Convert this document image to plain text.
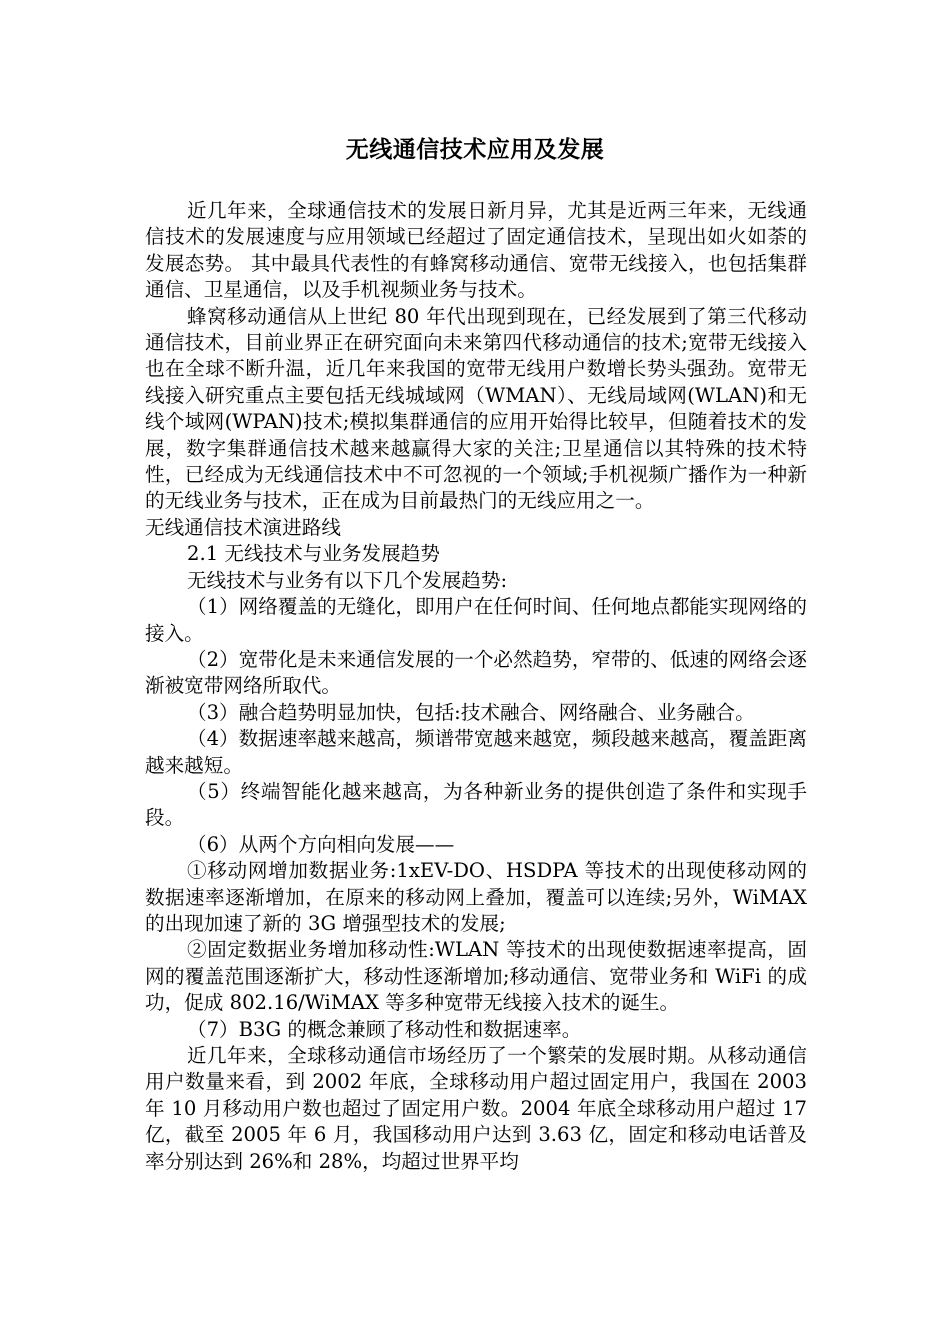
无线通信技术应用及发展

近几年来，全球通信技术的发展日新月异，尤其是近两三年来，无线通信技术的发展速度与应用领域已经超过了固定通信技术，呈现出如火如荼的发展态势。 其中最具代表性的有蜂窝移动通信、宽带无线接入，也包括集群通信、卫星通信，以及手机视频业务与技术。

蜂窝移动通信从上世纪 80 年代出现到现在，已经发展到了第三代移动通信技术，目前业界正在研究面向未来第四代移动通信的技术;宽带无线接入也在全球不断升温，近几年来我国的宽带无线用户数增长势头强劲。宽带无线接入研究重点主要包括无线城域网（WMAN）、无线局域网(WLAN)和无线个域网(WPAN)技术;模拟集群通信的应用开始得比较早，但随着技术的发展，数字集群通信技术越来越赢得大家的关注;卫星通信以其特殊的技术特性，已经成为无线通信技术中不可忽视的一个领域;手机视频广播作为一种新的无线业务与技术，正在成为目前最热门的无线应用之一。

无线通信技术演进路线

2.1 无线技术与业务发展趋势

无线技术与业务有以下几个发展趋势:

（1）网络覆盖的无缝化，即用户在任何时间、任何地点都能实现网络的接入。

（2）宽带化是未来通信发展的一个必然趋势，窄带的、低速的网络会逐渐被宽带网络所取代。

（3）融合趋势明显加快，包括:技术融合、网络融合、业务融合。

（4）数据速率越来越高，频谱带宽越来越宽，频段越来越高，覆盖距离越来越短。

（5）终端智能化越来越高，为各种新业务的提供创造了条件和实现手段。

（6）从两个方向相向发展——

①移动网增加数据业务:1xEV-DO、HSDPA 等技术的出现使移动网的数据速率逐渐增加，在原来的移动网上叠加，覆盖可以连续;另外，WiMAX 的出现加速了新的 3G 增强型技术的发展;

②固定数据业务增加移动性:WLAN 等技术的出现使数据速率提高，固网的覆盖范围逐渐扩大，移动性逐渐增加;移动通信、宽带业务和 WiFi 的成功，促成 802.16/WiMAX 等多种宽带无线接入技术的诞生。

（7）B3G 的概念兼顾了移动性和数据速率。

近几年来，全球移动通信市场经历了一个繁荣的发展时期。从移动通信用户数量来看，到 2002 年底，全球移动用户超过固定用户，我国在 2003 年 10 月移动用户数也超过了固定用户数。2004 年底全球移动用户超过 17 亿，截至 2005 年 6 月，我国移动用户达到 3.63 亿，固定和移动电话普及率分别达到 26%和 28%，均超过世界平均
